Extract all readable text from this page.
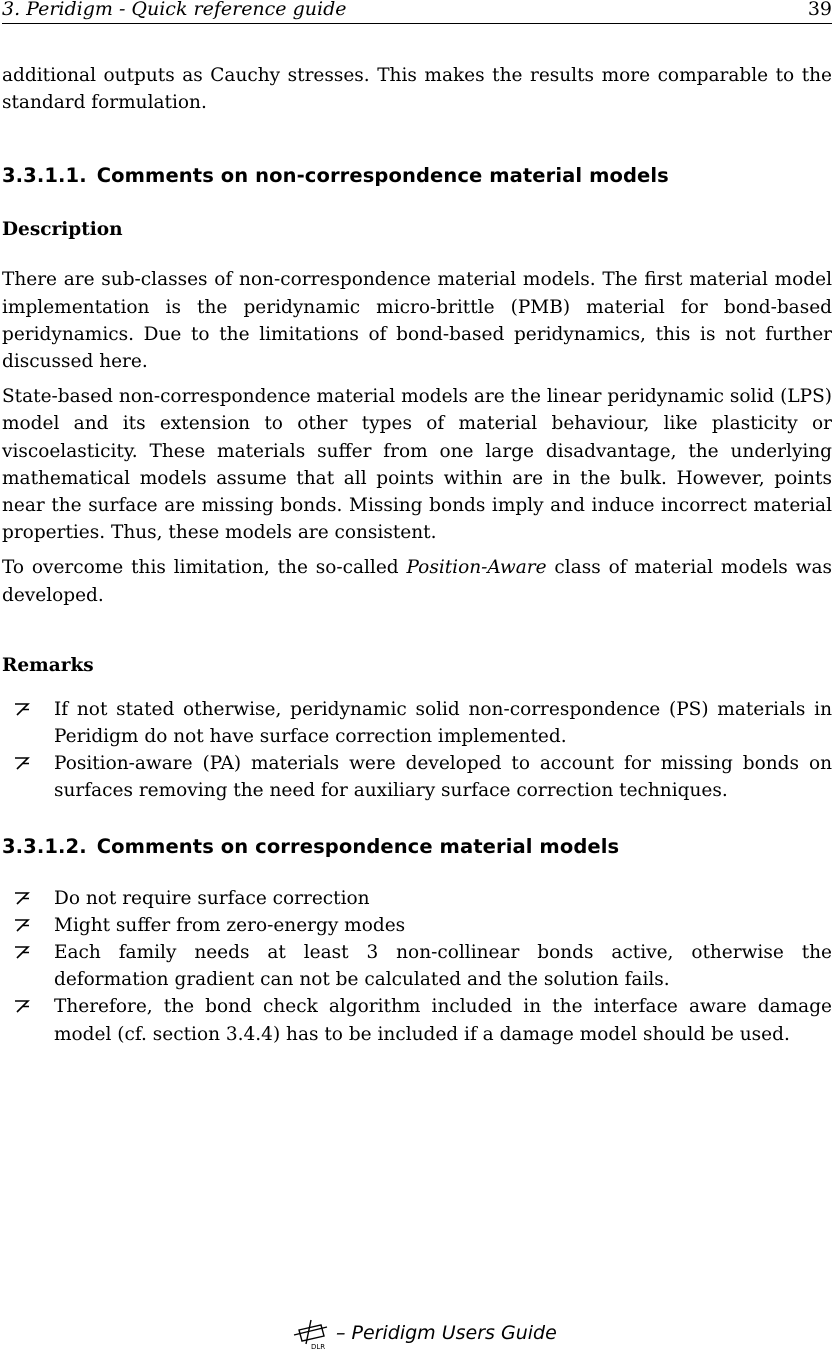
3. Peridigm - Quick reference guide	39

additional outputs as Cauchy stresses. This makes the results more comparable to the standard formulation.

3.3.1.1. Comments on non-correspondence material models
Description

There are sub-classes of non-correspondence material models. The first material model implementation is the peridynamic micro-brittle (PMB) material for bond-based peridynamics. Due to the limitations of bond-based peridynamics, this is not further discussed here.

State-based non-correspondence material models are the linear peridynamic solid (LPS) model and its extension to other types of material behaviour, like plasticity or viscoelasticity. These materials suffer from one large disadvantage, the underlying mathematical models assume that all points within are in the bulk. However, points near the surface are missing bonds. Missing bonds imply and induce incorrect material properties. Thus, these models are consistent.

To overcome this limitation, the so-called Position-Aware class of material models was developed.

Remarks
If not stated otherwise, peridynamic solid non-correspondence (PS) materials in Peridigm do not have surface correction implemented.
Position-aware (PA) materials were developed to account for missing bonds on surfaces removing the need for auxiliary surface correction techniques.
3.3.1.2. Comments on correspondence material models
Do not require surface correction
Might suffer from zero-energy modes
Each family needs at least 3 non-collinear bonds active, otherwise the deformation gradient can not be calculated and the solution fails.
Therefore, the bond check algorithm included in the interface aware damage model (cf. section 3.4.4) has to be included if a damage model should be used.
DLR
– Peridigm Users Guide
